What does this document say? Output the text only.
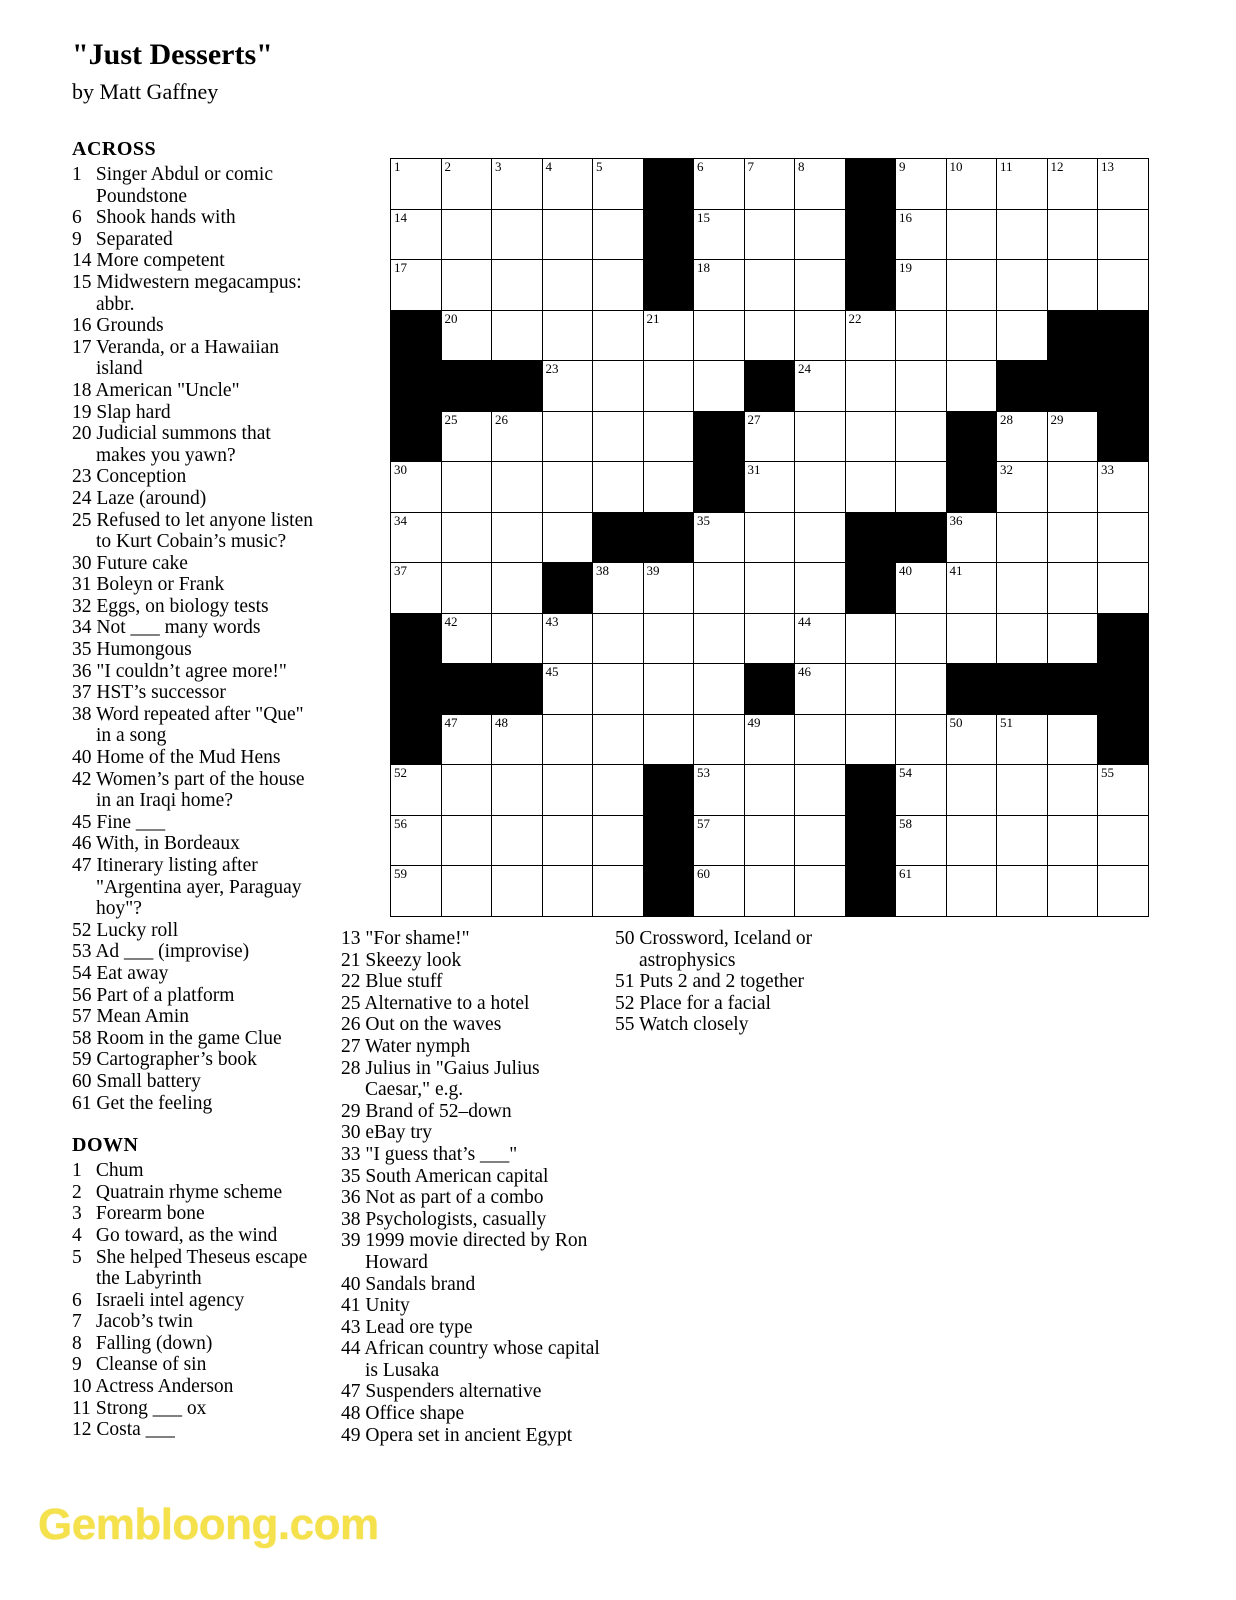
"Just Desserts"
by Matt Gaffney
ACROSS
1 Singer Abdul or comic Poundstone
6 Shook hands with
9 Separated
14 More competent
15 Midwestern megacampus: abbr.
16 Grounds
17 Veranda, or a Hawaiian island
18 American "Uncle"
19 Slap hard
20 Judicial summons that makes you yawn?
23 Conception
24 Laze (around)
25 Refused to let anyone listen to Kurt Cobain’s music?
30 Future cake
31 Boleyn or Frank
32 Eggs, on biology tests
34 Not ___ many words
35 Humongous
36 "I couldn’t agree more!"
37 HST’s successor
38 Word repeated after "Que" in a song
40 Home of the Mud Hens
42 Women’s part of the house in an Iraqi home?
45 Fine ___
46 With, in Bordeaux
47 Itinerary listing after "Argentina ayer, Paraguay hoy"?
52 Lucky roll
53 Ad ___ (improvise)
54 Eat away
56 Part of a platform
57 Mean Amin
58 Room in the game Clue
59 Cartographer’s book
60 Small battery
61 Get the feeling
DOWN
1 Chum
2 Quatrain rhyme scheme
3 Forearm bone
4 Go toward, as the wind
5 She helped Theseus escape the Labyrinth
6 Israeli intel agency
7 Jacob’s twin
8 Falling (down)
9 Cleanse of sin
10 Actress Anderson
11 Strong ___ ox
12 Costa ___
13 "For shame!"
21 Skeezy look
22 Blue stuff
25 Alternative to a hotel
26 Out on the waves
27 Water nymph
28 Julius in "Gaius Julius Caesar," e.g.
29 Brand of 52–down
30 eBay try
33 "I guess that’s ___"
35 South American capital
36 Not as part of a combo
38 Psychologists, casually
39 1999 movie directed by Ron Howard
40 Sandals brand
41 Unity
43 Lead ore type
44 African country whose capital is Lusaka
47 Suspenders alternative
48 Office shape
49 Opera set in ancient Egypt
50 Crossword, Iceland or astrophysics
51 Puts 2 and 2 together
52 Place for a facial
55 Watch closely
1	2	3	4	5		6	7	8		9	10	11	12	13

14						15				16				

17						18				19				

	20				21				22					

			23					24						

	25	26					27					28	29	

30							31					32		33

34						35					36			

37				38	39					40	41			

	42		43					44						

			45					46						

	47	48					49				50	51		

52						53				54				55

56						57				58				

59						60				61				

Gembloong.com
